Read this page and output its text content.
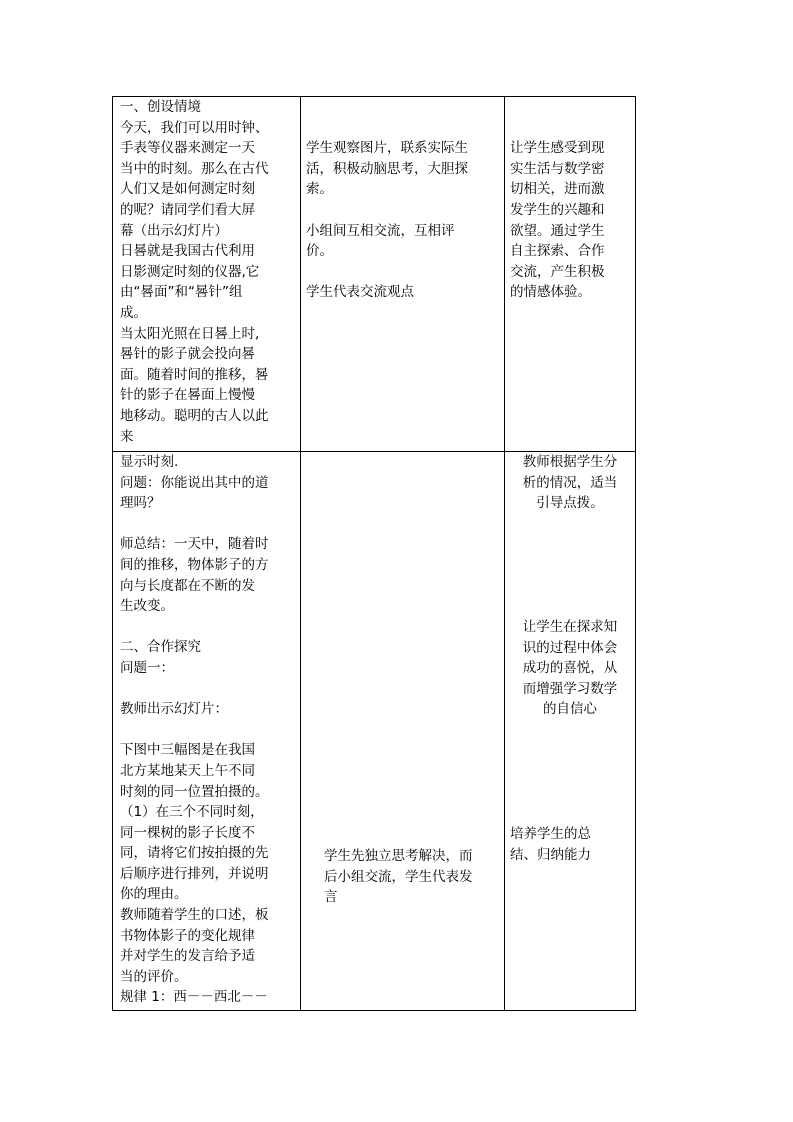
一、创设情境
今天，我们可以用时钟、
手表等仪器来测定一天
当中的时刻。那么在古代
人们又是如何测定时刻
的呢？请同学们看大屏
幕（出示幻灯片）
日晷就是我国古代利用
日影测定时刻的仪器,它
由“晷面”和“晷针”组
成。
当太阳光照在日晷上时,
晷针的影子就会投向晷
面。随着时间的推移，晷
针的影子在晷面上慢慢
地移动。聪明的古人以此
来
学生观察图片，联系实际生
活，积极动脑思考，大胆探
索。
小组间互相交流，互相评
价。
学生代表交流观点
让学生感受到现
实生活与数学密
切相关，进而激
发学生的兴趣和
欲望。通过学生
自主探索、合作
交流，产生积极
的情感体验。
显示时刻.
问题：你能说出其中的道
理吗？
师总结：一天中，随着时
间的推移，物体影子的方
向与长度都在不断的发
生改变。
二、合作探究
问题一：
教师出示幻灯片：
下图中三幅图是在我国
北方某地某天上午不同
时刻的同一位置拍摄的。
（1）在三个不同时刻，
同一棵树的影子长度不
同，请将它们按拍摄的先
后顺序进行排列，并说明
你的理由。
教师随着学生的口述，板
书物体影子的变化规律
并对学生的发言给予适
当的评价。
规律 1：西－－西北－－
学生先独立思考解决，而
后小组交流，学生代表发
言
教师根据学生分
析的情况，适当
引导点拨。
让学生在探求知
识的过程中体会
成功的喜悦，从
而增强学习数学
的自信心
培养学生的总
结、归纳能力
